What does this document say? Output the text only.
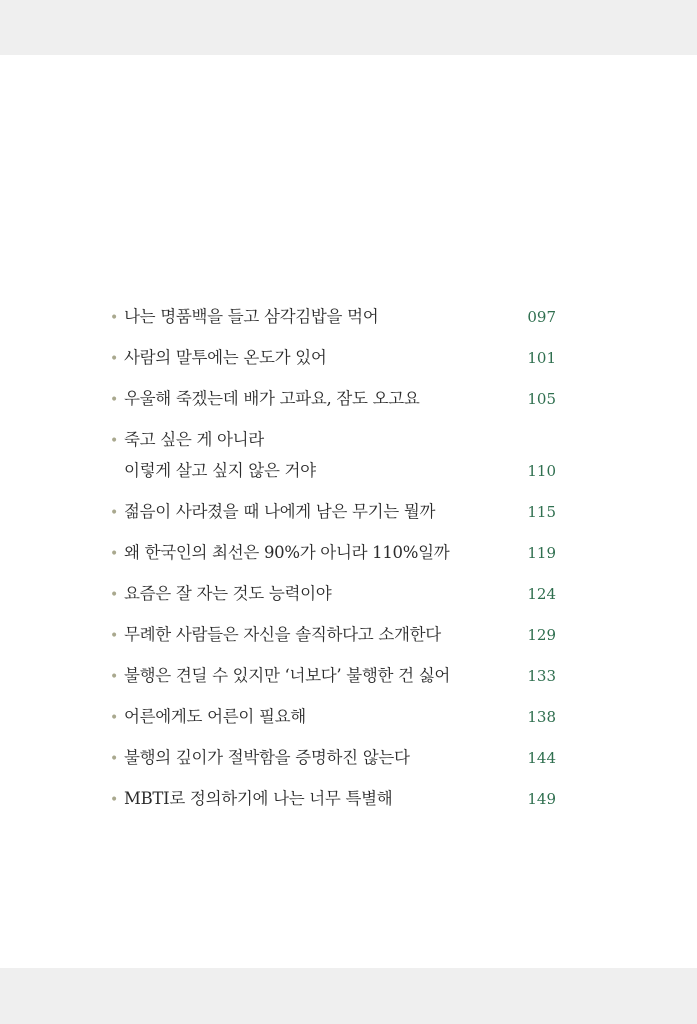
• 나는 명품백을 들고 삼각김밥을 먹어	097
• 사람의 말투에는 온도가 있어	101
• 우울해 죽겠는데 배가 고파요, 잠도 오고요	105
• 죽고 싶은 게 아니라
이렇게 살고 싶지 않은 거야	110
• 젊음이 사라졌을 때 나에게 남은 무기는 뭘까	115
• 왜 한국인의 최선은 90%가 아니라 110%일까	119
• 요즘은 잘 자는 것도 능력이야	124
• 무례한 사람들은 자신을 솔직하다고 소개한다	129
• 불행은 견딜 수 있지만 ‘너보다’ 불행한 건 싫어	133
• 어른에게도 어른이 필요해	138
• 불행의 깊이가 절박함을 증명하진 않는다	144
• MBTI로 정의하기에 나는 너무 특별해	149
